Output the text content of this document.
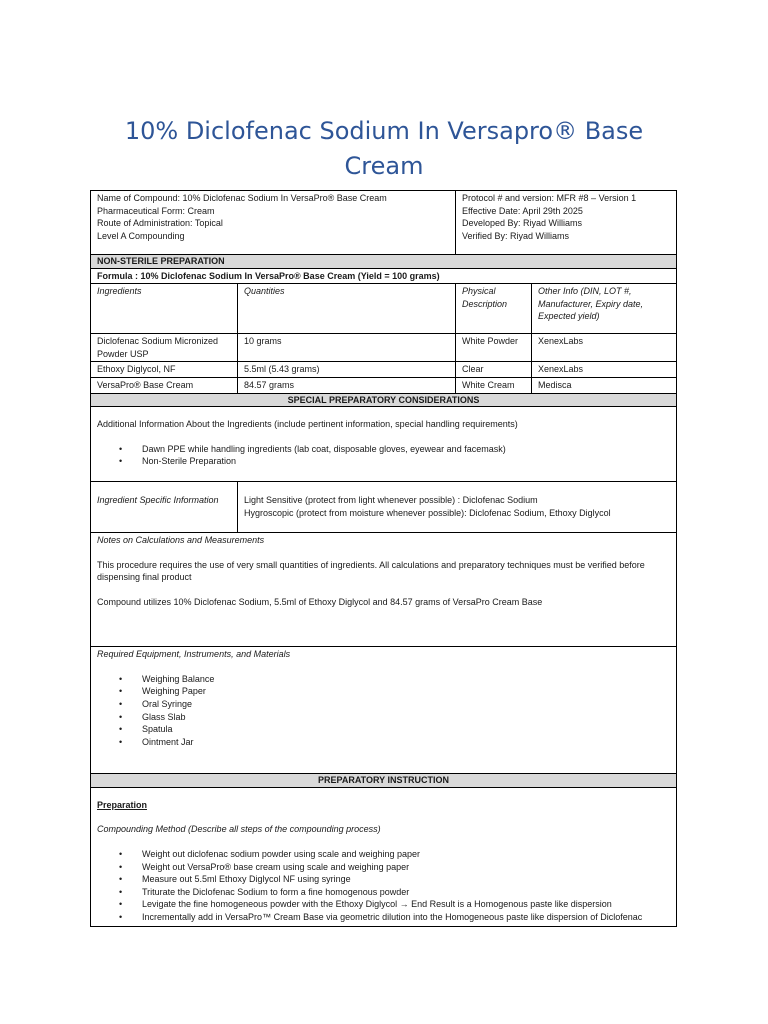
10% Diclofenac Sodium In Versapro® Base Cream

Name of Compound: 10% Diclofenac Sodium In VersaPro® Base Cream

Pharmaceutical Form: Cream

Route of Administration: Topical

Level A Compounding

Protocol # and version: MFR #8 – Version 1

Effective Date: April 29th 2025

Developed By: Riyad Williams

Verified By: Riyad Williams

NON-STERILE PREPARATION			
Formula : 10% Diclofenac Sodium In VersaPro® Base Cream (Yield = 100 grams)			
Ingredients	Quantities	Physical Description	Other Info (DIN, LOT #, Manufacturer, Expiry date, Expected yield)
Diclofenac Sodium Micronized Powder USP	10 grams	White Powder	XenexLabs
Ethoxy Diglycol, NF	5.5ml (5.43 grams)	Clear	XenexLabs
VersaPro® Base Cream	84.57 grams	White Cream	Medisca
SPECIAL PREPARATORY CONSIDERATIONS

Additional Information About the Ingredients (include pertinent information, special handling requirements)

• Dawn PPE while handling ingredients (lab coat, disposable gloves, eyewear and facemask)
• Non-Sterile Preparation

Ingredient Specific Information	Light Sensitive (protect from light whenever possible) : Diclofenac Sodium

Hygroscopic (protect from moisture whenever possible): Diclofenac Sodium, Ethoxy Diglycol

Notes on Calculations and Measurements

This procedure requires the use of very small quantities of ingredients. All calculations and preparatory techniques must be verified before dispensing final product

Compound utilizes 10% Diclofenac Sodium, 5.5ml of Ethoxy Diglycol and 84.57 grams of VersaPro Cream Base

Required Equipment, Instruments, and Materials

• Weighing Balance
• Weighing Paper
• Oral Syringe
• Glass Slab
• Spatula
• Ointment Jar

PREPARATORY INSTRUCTION

Preparation

Compounding Method (Describe all steps of the compounding process)

• Weight out diclofenac sodium powder using scale and weighing paper
• Weight out VersaPro® base cream using scale and weighing paper
• Measure out 5.5ml Ethoxy Diglycol NF using syringe
• Triturate the Diclofenac Sodium to form a fine homogenous powder
• Levigate the fine homogeneous powder with the Ethoxy Diglycol → End Result is a Homogenous paste like dispersion
• Incrementally add in VersaPro™ Cream Base via geometric dilution into the Homogeneous paste like dispersion of Diclofenac
